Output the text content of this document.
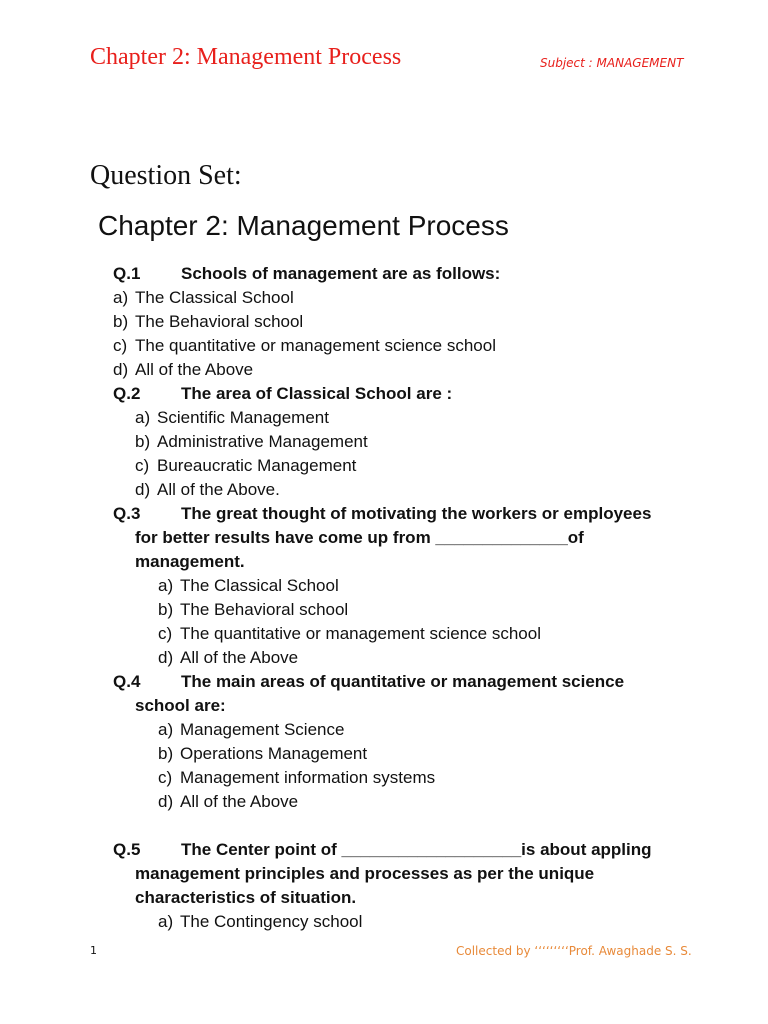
Chapter 2: Management Process	Subject : MANAGEMENT
Question Set:
Chapter 2: Management Process
Q.1 Schools of management are as follows:
a) The Classical School
b) The Behavioral school
c) The quantitative or management science school
d) All of the Above
Q.2 The area of Classical School are :
a) Scientific Management
b) Administrative Management
c) Bureaucratic Management
d) All of the Above.
Q.3 The great thought of motivating the workers or employees
for better results have come up from ______________of
management.
a) The Classical School
b) The Behavioral school
c) The quantitative or management science school
d) All of the Above
Q.4 The main areas of quantitative or management science
school are:
a) Management Science
b) Operations Management
c) Management information systems
d) All of the Above
Q.5 The Center point of ___________________is about appling
management principles and processes as per the unique
characteristics of situation.
a) The Contingency school
1	Collected by ‘‘‘‘‘‘‘‘‘Prof. Awaghade S. S.
